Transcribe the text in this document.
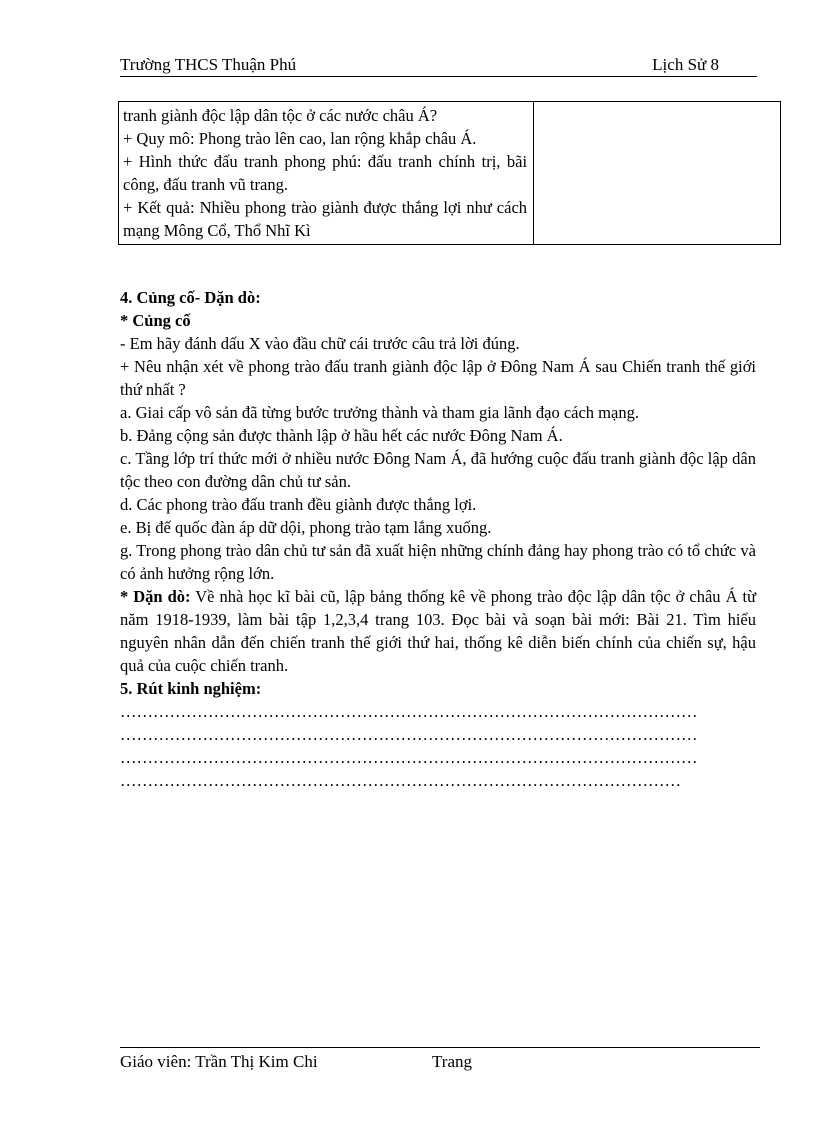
Trường THCS Thuận Phú	Lịch Sử 8
tranh giành độc lập dân tộc ở các nước châu Á?
+ Quy mô: Phong trào lên cao, lan rộng khắp châu Á.
+ Hình thức đấu tranh phong phú: đấu tranh chính trị, bãi công, đấu tranh vũ trang.
+ Kết quả: Nhiều phong trào giành được thắng lợi như cách mạng Mông Cổ, Thổ Nhĩ Kì

4. Củng cố- Dặn dò:
* Củng cố
- Em hãy đánh dấu X vào đầu chữ cái trước câu trả lời đúng.
+ Nêu nhận xét về phong trào đấu tranh giành độc lập ở Đông Nam Á sau Chiến tranh thế giới thứ nhất ?
a. Giai cấp vô sản đã từng bước trưởng thành và tham gia lãnh đạo cách mạng.
b. Đảng cộng sản được thành lập ở hầu hết các nước Đông Nam Á.
c. Tầng lớp trí thức mới ở nhiều nước Đông Nam Á, đã hướng cuộc đấu tranh giành độc lập dân tộc theo con đường dân chủ tư sản.
d. Các phong trào đấu tranh đều giành được thắng lợi.
e. Bị đế quốc đàn áp dữ dội, phong trào tạm lắng xuống.
g. Trong phong trào dân chủ tư sản đã xuất hiện những chính đảng hay phong trào có tổ chức và có ảnh hưởng rộng lớn.
* Dặn dò: Về nhà học kĩ bài cũ, lập bảng thống kê về phong trào độc lập dân tộc ở châu Á từ năm 1918-1939, làm bài tập 1,2,3,4 trang 103. Đọc bài và soạn bài mới: Bài 21. Tìm hiểu nguyên nhân dẫn đến chiến tranh thế giới thứ hai, thống kê diễn biến chính của chiến sự, hậu quả của cuộc chiến tranh.
5. Rút kinh nghiệm:
……………………………………………………………………………………………
……………………………………………………………………………………………
……………………………………………………………………………………………
…………………………………………………………………………………………
Giáo viên: Trần Thị Kim Chi	Trang
